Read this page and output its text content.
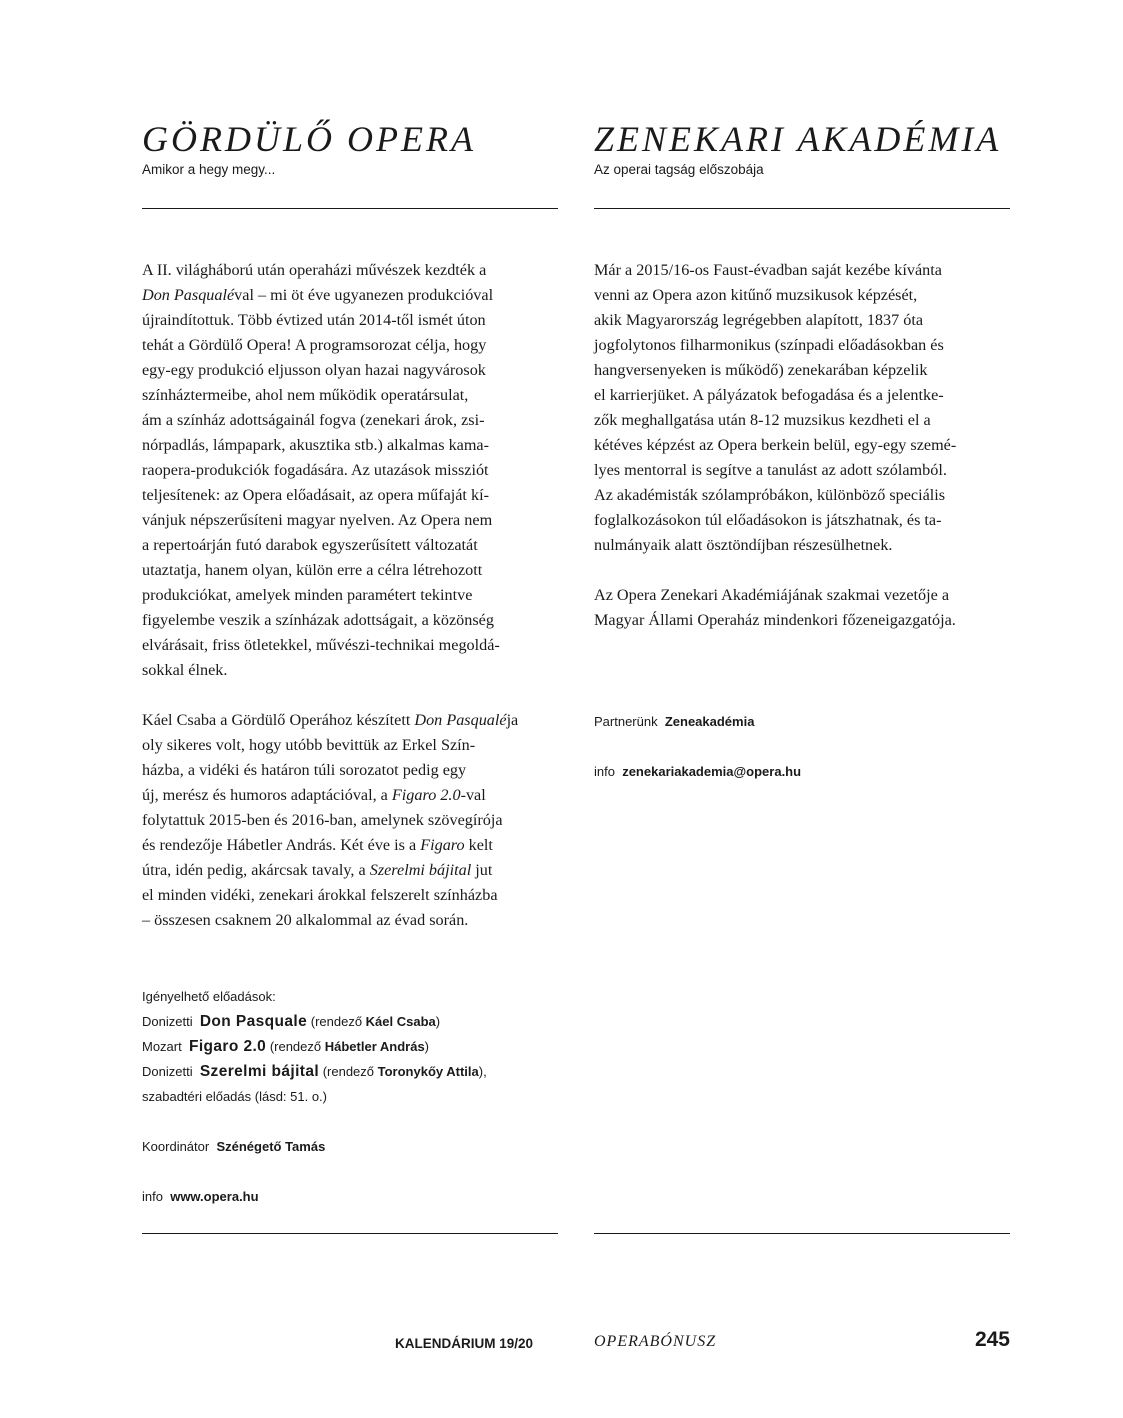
GÖRDÜLŐ OPERA
Amikor a hegy megy...

A II. világháború után operaházi művészek kezdték a
Don Pasqualéval – mi öt éve ugyanezen produkcióval
újraindítottuk. Több évtized után 2014-től ismét úton
tehát a Gördülő Opera! A programsorozat célja, hogy
egy-egy produkció eljusson olyan hazai nagyvárosok
színháztermeibe, ahol nem működik operatársulat,
ám a színház adottságainál fogva (zenekari árok, zsi-
nórpadlás, lámpapark, akusztika stb.) alkalmas kama-
raopera-produkciók fogadására. Az utazások missziót
teljesítenek: az Opera előadásait, az opera műfaját kí-
vánjuk népszerűsíteni magyar nyelven. Az Opera nem
a repertoárján futó darabok egyszerűsített változatát
utaztatja, hanem olyan, külön erre a célra létrehozott
produkciókat, amelyek minden paramétert tekintve
figyelembe veszik a színházak adottságait, a közönség
elvárásait, friss ötletekkel, művészi-technikai megoldá-
sokkal élnek.

Káel Csaba a Gördülő Operához készített Don Pasqualéja
oly sikeres volt, hogy utóbb bevittük az Erkel Szín-
házba, a vidéki és határon túli sorozatot pedig egy
új, merész és humoros adaptációval, a Figaro 2.0-val
folytattuk 2015-ben és 2016-ban, amelynek szövegírója
és rendezője Hábetler András. Két éve is a Figaro kelt
útra, idén pedig, akárcsak tavaly, a Szerelmi bájital jut
el minden vidéki, zenekari árokkal felszerelt színházba
– összesen csaknem 20 alkalommal az évad során.

Igényelhető előadások:
Donizetti Don Pasquale (rendező Káel Csaba)
Mozart Figaro 2.0 (rendező Hábetler András)
Donizetti Szerelmi bájital (rendező Toronykőy Attila),
szabadtéri előadás (lásd: 51. o.)
Koordinátor Szénégető Tamás
info www.opera.hu
ZENEKARI AKADÉMIA
Az operai tagság előszobája

Már a 2015/16-os Faust-évadban saját kezébe kívánta
venni az Opera azon kitűnő muzsikusok képzését,
akik Magyarország legrégebben alapított, 1837 óta
jogfolytonos filharmonikus (színpadi előadásokban és
hangversenyeken is működő) zenekarában képzelik
el karrierjüket. A pályázatok befogadása és a jelentke-
zők meghallgatása után 8-12 muzsikus kezdheti el a
kétéves képzést az Opera berkein belül, egy-egy szemé-
lyes mentorral is segítve a tanulást az adott szólamból.
Az akadémisták szólampróbákon, különböző speciális
foglalkozásokon túl előadásokon is játszhatnak, és ta-
nulmányaik alatt ösztöndíjban részesülhetnek.

Az Opera Zenekari Akadémiájának szakmai vezetője a
Magyar Állami Operaház mindenkori főzeneigazgatója.

Partnerünk Zeneakadémia
info zenekariakademia@opera.hu
KALENDÁRIUM 19/20	OPERABÓNUSZ	245
